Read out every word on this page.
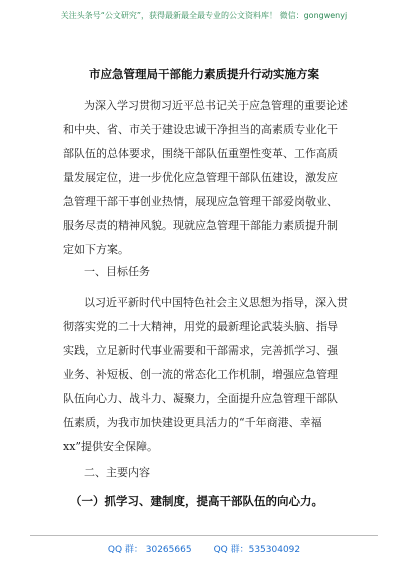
关注头条号“公文研究”，获得最新最全最专业的公文资料库！ 微信：gongwenyj
市应急管理局干部能力素质提升行动实施方案
为深入学习贯彻习近平总书记关于应急管理的重要论述
和中央、省、市关于建设忠诚干净担当的高素质专业化干
部队伍的总体要求，围绕干部队伍重塑性变革、工作高质
量发展定位，进一步优化应急管理干部队伍建设，激发应
急管理干部干事创业热情，展现应急管理干部爱岗敬业、
服务尽责的精神风貌。现就应急管理干部能力素质提升制
定如下方案。
一、目标任务
以习近平新时代中国特色社会主义思想为指导，深入贯
彻落实党的二十大精神，用党的最新理论武装头脑、指导
实践，立足新时代事业需要和干部需求，完善抓学习、强
业务、补短板、创一流的常态化工作机制，增强应急管理
队伍向心力、战斗力、凝聚力，全面提升应急管理干部队
伍素质，为我市加快建设更具活力的“千年商港、幸福
xx”提供安全保障。
二、主要内容
（一）抓学习、建制度，提高干部队伍的向心力。
QQ 群： 30265665 QQ 群：535304092
